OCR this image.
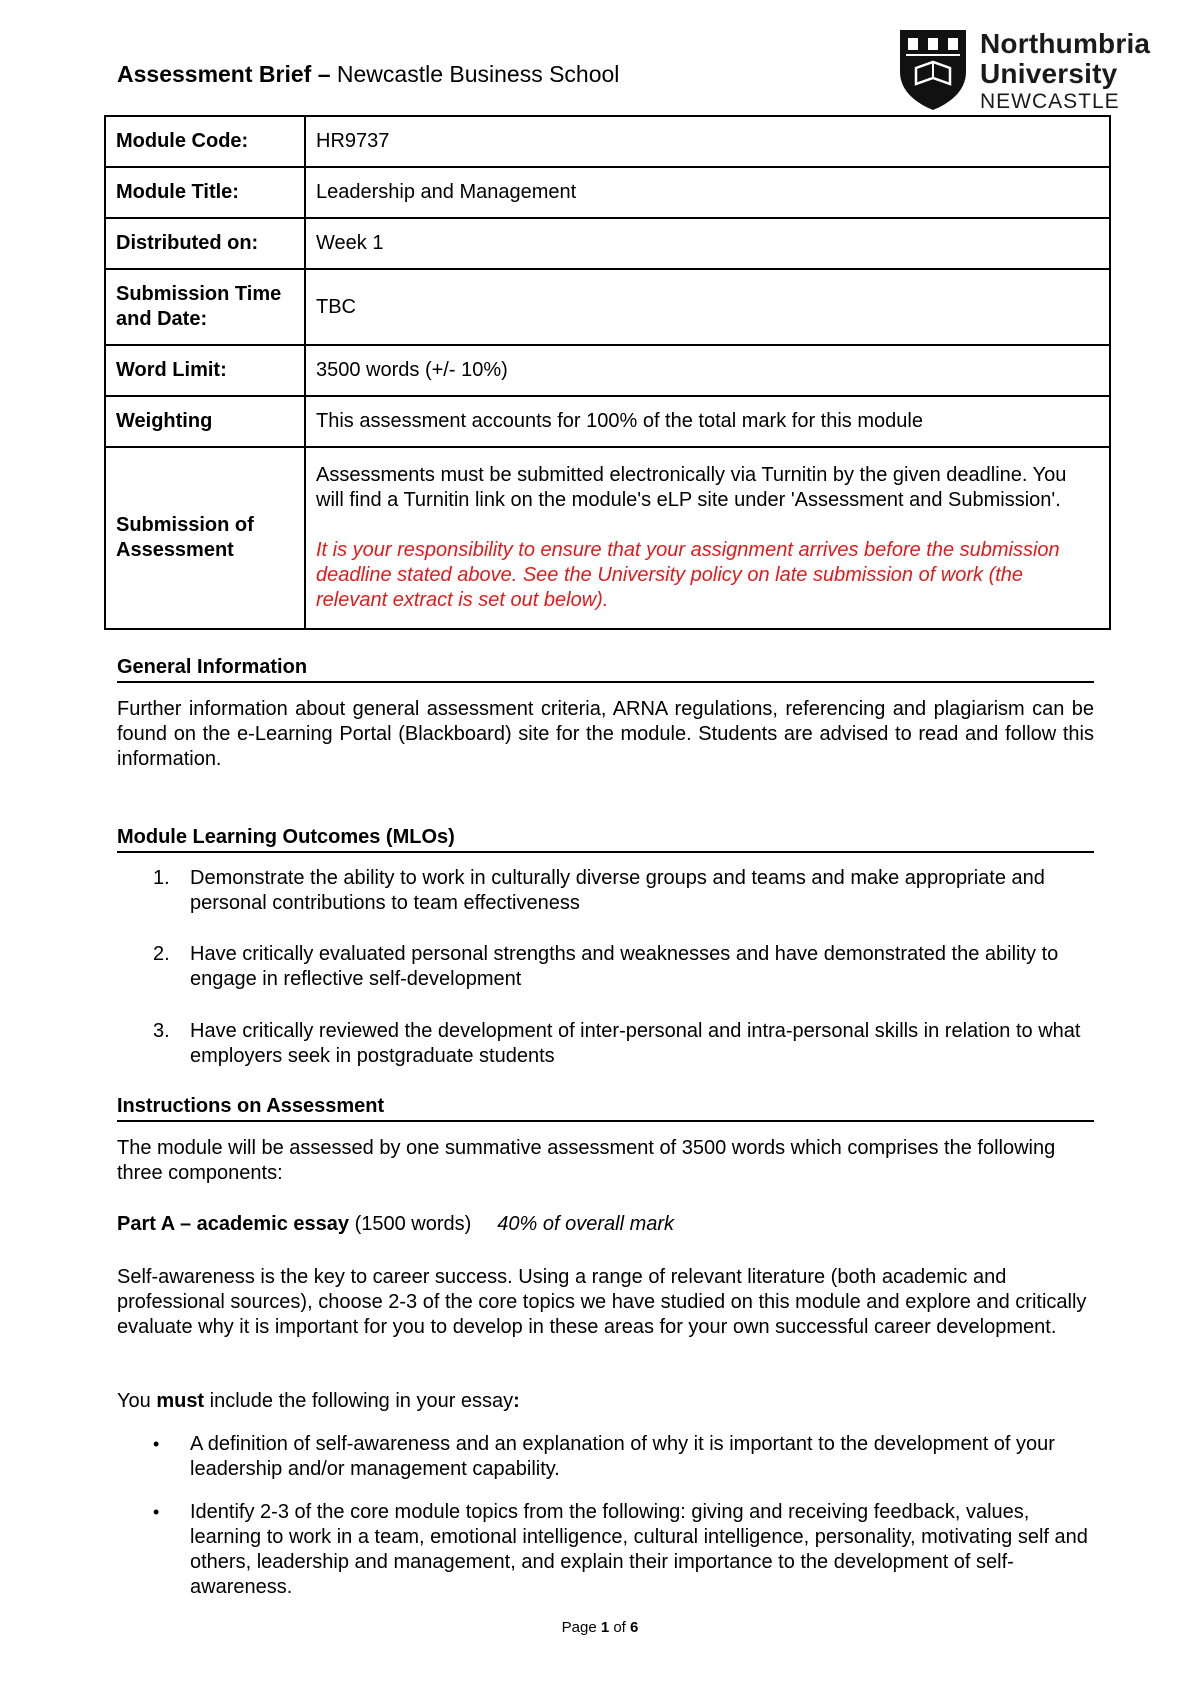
Assessment Brief – Newcastle Business School
Northumbria
University
NEWCASTLE
Module Code:	HR9737
Module Title:	Leadership and Management
Distributed on:	Week 1
Submission Time and Date:	TBC
Word Limit:	3500 words (+/- 10%)
Weighting	This assessment accounts for 100% of the total mark for this module
Submission of Assessment	Assessments must be submitted electronically via Turnitin by the given deadline. You will find a Turnitin link on the module's eLP site under 'Assessment and Submission'.
It is your responsibility to ensure that your assignment arrives before the submission deadline stated above. See the University policy on late submission of work (the relevant extract is set out below).
General Information
Further information about general assessment criteria, ARNA regulations, referencing and plagiarism can be found on the e-Learning Portal (Blackboard) site for the module. Students are advised to read and follow this information.
Module Learning Outcomes (MLOs)
1. Demonstrate the ability to work in culturally diverse groups and teams and make appropriate and personal contributions to team effectiveness
2. Have critically evaluated personal strengths and weaknesses and have demonstrated the ability to engage in reflective self-development
3. Have critically reviewed the development of inter-personal and intra-personal skills in relation to what employers seek in postgraduate students
Instructions on Assessment
The module will be assessed by one summative assessment of 3500 words which comprises the following three components:
Part A – academic essay (1500 words) 40% of overall mark
Self-awareness is the key to career success. Using a range of relevant literature (both academic and professional sources), choose 2-3 of the core topics we have studied on this module and explore and critically evaluate why it is important for you to develop in these areas for your own successful career development.
You must include the following in your essay:
• A definition of self-awareness and an explanation of why it is important to the development of your leadership and/or management capability.
• Identify 2-3 of the core module topics from the following: giving and receiving feedback, values, learning to work in a team, emotional intelligence, cultural intelligence, personality, motivating self and others, leadership and management, and explain their importance to the development of self-awareness.
Page 1 of 6
